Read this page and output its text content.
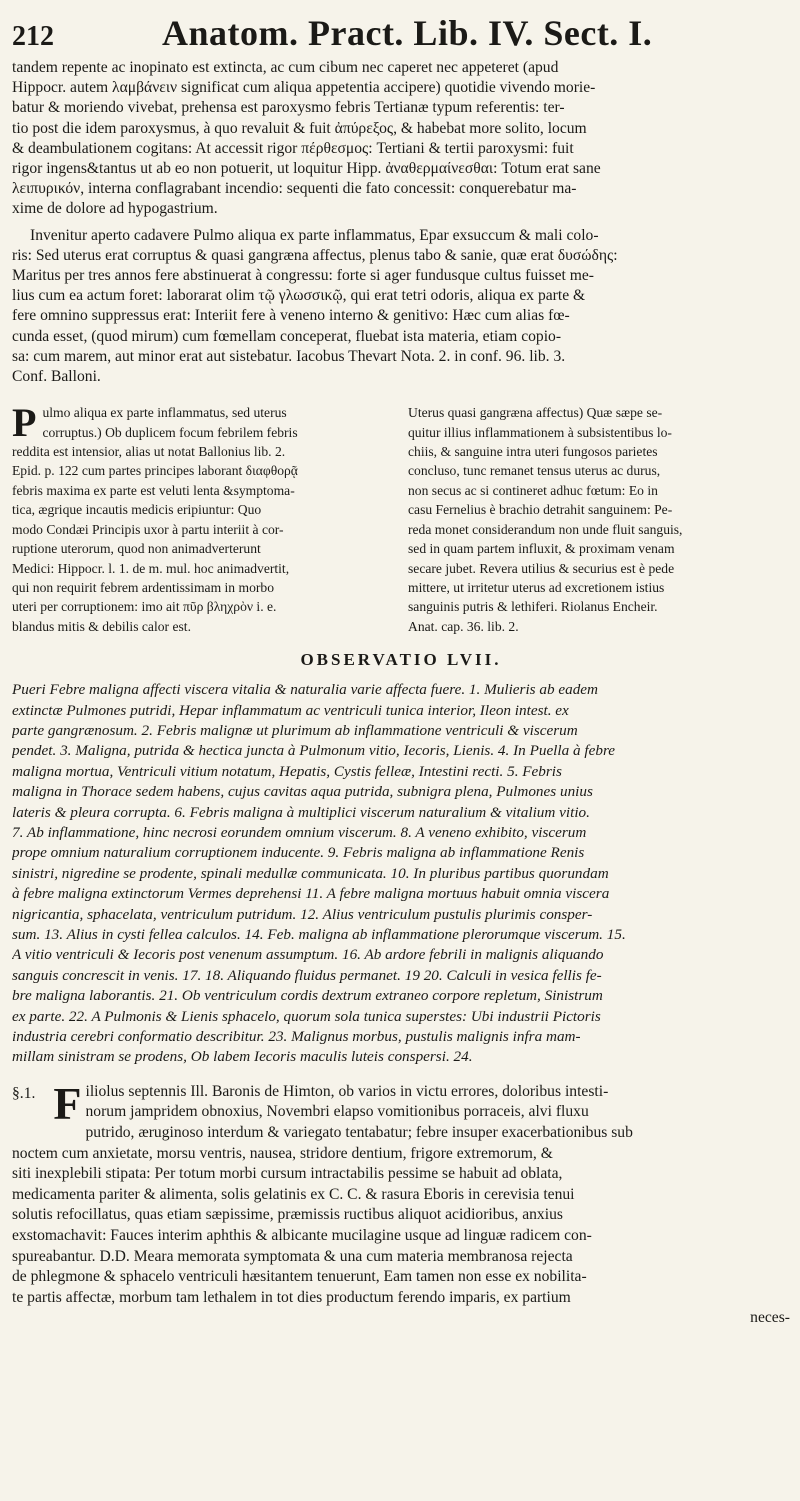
212	Anatom. Pract. Lib. IV. Sect. I.
tandem repente ac inopinato est extincta, ac cum cibum nec caperet nec appeteret (apud
Hippocr. autem λαμβάνειν significat cum aliqua appetentia accipere) quotidie vivendo morie-
batur & moriendo vivebat, prehensa est paroxysmo febris Tertianæ typum referentis: ter-
tio post die idem paroxysmus, à quo revaluit & fuit ἀπύρεξος, & habebat more solito, locum
& deambulationem cogitans: At accessit rigor πέρθεσμος: Tertiani & tertii paroxysmi: fuit
rigor ingens&tantus ut ab eo non potuerit, ut loquitur Hipp. ἀναθερμαίνεσθαι: Totum erat sane
λειπυρικόν, interna conflagrabant incendio: sequenti die fato concessit: conquerebatur ma-
xime de dolore ad hypogastrium.
Invenitur aperto cadavere Pulmo aliqua ex parte inflammatus, Epar exsuccum & mali colo-
ris: Sed uterus erat corruptus & quasi gangræna affectus, plenus tabo & sanie, quæ erat δυσώδης:
Maritus per tres annos fere abstinuerat à congressu: forte si ager fundusque cultus fuisset me-
lius cum ea actum foret: laborarat olim τῷ γλωσσικῷ, qui erat tetri odoris, aliqua ex parte &
fere omnino suppressus erat: Interiit fere à veneno interno & genitivo: Hæc cum alias fœ-
cunda esset, (quod mirum) cum fœmellam conceperat, fluebat ista materia, etiam copio-
sa: cum marem, aut minor erat aut sistebatur. Iacobus Thevart Nota. 2. in conf. 96. lib. 3.
Conf. Balloni.
P ulmo aliqua ex parte inflammatus, sed uterus
corruptus.) Ob duplicem focum febrilem febris
reddita est intensior, alias ut notat Ballonius lib. 2.
Epid. p. 122 cum partes principes laborant διαφθορᾷ
febris maxima ex parte est veluti lenta &symptoma-
tica, ægrique incautis medicis eripiuntur: Quo
modo Condæi Principis uxor à partu interiit à cor-
ruptione uterorum, quod non animadverterunt
Medici: Hippocr. l. 1. de m. mul. hoc animadvertit,
qui non requirit febrem ardentissimam in morbo
uteri per corruptionem: imo ait πῦρ βληχρὸν i. e.
blandus mitis & debilis calor est.
Uterus quasi gangræna affectus) Quæ sæpe se-
quitur illius inflammationem à subsistentibus lo-
chiis, & sanguine intra uteri fungosos parietes
concluso, tunc remanet tensus uterus ac durus,
non secus ac si contineret adhuc fœtum: Eo in
casu Fernelius è brachio detrahit sanguinem: Pe-
reda monet considerandum non unde fluit sanguis,
sed in quam partem influxit, & proximam venam
secare jubet. Revera utilius & securius est è pede
mittere, ut irritetur uterus ad excretionem istius
sanguinis putris & lethiferi. Riolanus Encheir.
Anat. cap. 36. lib. 2.
OBSERVATIO LVII.
Pueri Febre maligna affecti viscera vitalia & naturalia varie affecta fuere. 1. Mulieris ab eadem
extinctæ Pulmones putridi, Hepar inflammatum ac ventriculi tunica interior, Ileon intest. ex
parte gangrænosum. 2. Febris malignæ ut plurimum ab inflammatione ventriculi & viscerum
pendet. 3. Maligna, putrida & hectica juncta à Pulmonum vitio, Iecoris, Lienis. 4. In Puella à febre
maligna mortua, Ventriculi vitium notatum, Hepatis, Cystis felleæ, Intestini recti. 5. Febris
maligna in Thorace sedem habens, cujus cavitas aqua putrida, subnigra plena, Pulmones unius
lateris & pleura corrupta. 6. Febris maligna à multiplici viscerum naturalium & vitalium vitio.
7. Ab inflammatione, hinc necrosi eorundem omnium viscerum. 8. A veneno exhibito, viscerum
prope omnium naturalium corruptionem inducente. 9. Febris maligna ab inflammatione Renis
sinistri, nigredine se prodente, spinali medullæ communicata. 10. In pluribus partibus quorundam
à febre maligna extinctorum Vermes deprehensi 11. A febre maligna mortuus habuit omnia viscera
nigricantia, sphacelata, ventriculum putridum. 12. Alius ventriculum pustulis plurimis consper-
sum. 13. Alius in cysti fellea calculos. 14. Feb. maligna ab inflammatione plerorumque viscerum. 15.
A vitio ventriculi & Iecoris post venenum assumptum. 16. Ab ardore febrili in malignis aliquando
sanguis concrescit in venis. 17. 18. Aliquando fluidus permanet. 19 20. Calculi in vesica fellis fe-
bre maligna laborantis. 21. Ob ventriculum cordis dextrum extraneo corpore repletum, Sinistrum
ex parte. 22. A Pulmonis & Lienis sphacelo, quorum sola tunica superstes: Ubi industrii Pictoris
industria cerebri conformatio describitur. 23. Malignus morbus, pustulis malignis infra mam-
millam sinistram se prodens, Ob labem Iecoris maculis luteis conspersi. 24.
§.1. F iliolus septennis Ill. Baronis de Himton, ob varios in victu errores, doloribus intesti-
norum jampridem obnoxius, Novembri elapso vomitionibus porraceis, alvi fluxu
putrido, æruginoso interdum & variegato tentabatur; febre insuper exacerbationibus sub
noctem cum anxietate, morsu ventris, nausea, stridore dentium, frigore extremorum, &
siti inexplebili stipata: Per totum morbi cursum intractabilis pessime se habuit ad oblata,
medicamenta pariter & alimenta, solis gelatinis ex C. C. & rasura Eboris in cerevisia tenui
solutis refocillatus, quas etiam sæpissime, præmissis ructibus aliquot acidioribus, anxius
exstomachavit: Fauces interim aphthis & albicante mucilagine usque ad linguæ radicem con-
spureabantur. D.D. Meara memorata symptomata & una cum materia membranosa rejecta
de phlegmone & sphacelo ventriculi hæsitantem tenuerunt, Eam tamen non esse ex nobilita-
te partis affectæ, morbum tam lethalem in tot dies productum ferendo imparis, ex partium
neces-
